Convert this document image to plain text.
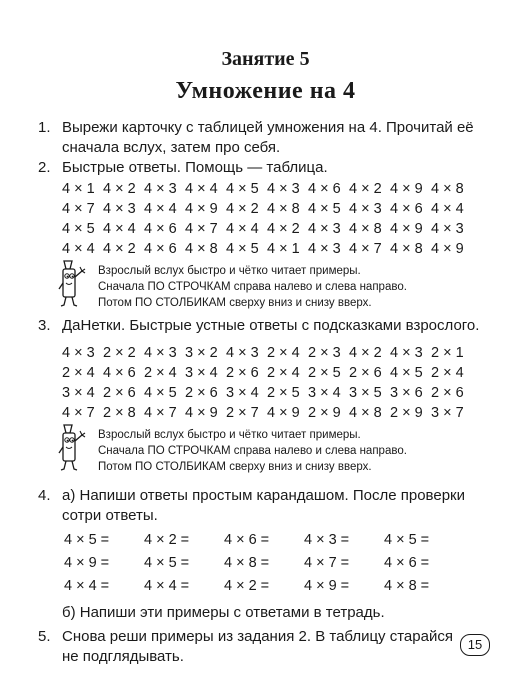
Занятие 5
Умножение на 4
1. Вырежи карточку с таблицей умножения на 4. Прочитай её
сначала вслух, затем про себя.
2. Быстрые ответы. Помощь — таблица.
4 × 1 4 × 2 4 × 3 4 × 4 4 × 5 4 × 3 4 × 6 4 × 2 4 × 9 4 × 8
4 × 7 4 × 3 4 × 4 4 × 9 4 × 2 4 × 8 4 × 5 4 × 3 4 × 6 4 × 4
4 × 5 4 × 4 4 × 6 4 × 7 4 × 4 4 × 2 4 × 3 4 × 8 4 × 9 4 × 3
4 × 4 4 × 2 4 × 6 4 × 8 4 × 5 4 × 1 4 × 3 4 × 7 4 × 8 4 × 9
Взрослый вслух быстро и чётко читает примеры.
Сначала ПО СТРОЧКАМ справа налево и слева направо.
Потом ПО СТОЛБИКАМ сверху вниз и снизу вверх.
3. ДаНетки. Быстрые устные ответы с подсказками взрослого.
4 × 3 2 × 2 4 × 3 3 × 2 4 × 3 2 × 4 2 × 3 4 × 2 4 × 3 2 × 1
2 × 4 4 × 6 2 × 4 3 × 4 2 × 6 2 × 4 2 × 5 2 × 6 4 × 5 2 × 4
3 × 4 2 × 6 4 × 5 2 × 6 3 × 4 2 × 5 3 × 4 3 × 5 3 × 6 2 × 6
4 × 7 2 × 8 4 × 7 4 × 9 2 × 7 4 × 9 2 × 9 4 × 8 2 × 9 3 × 7
Взрослый вслух быстро и чётко читает примеры.
Сначала ПО СТРОЧКАМ справа налево и слева направо.
Потом ПО СТОЛБИКАМ сверху вниз и снизу вверх.
4. а) Напиши ответы простым карандашом. После проверки
сотри ответы.
4 × 5 = 4 × 2 = 4 × 6 = 4 × 3 = 4 × 5 =
4 × 9 = 4 × 5 = 4 × 8 = 4 × 7 = 4 × 6 =
4 × 4 = 4 × 4 = 4 × 2 = 4 × 9 = 4 × 8 =
б) Напиши эти примеры с ответами в тетрадь.
5. Снова реши примеры из задания 2. В таблицу старайся
не подглядывать.
15
